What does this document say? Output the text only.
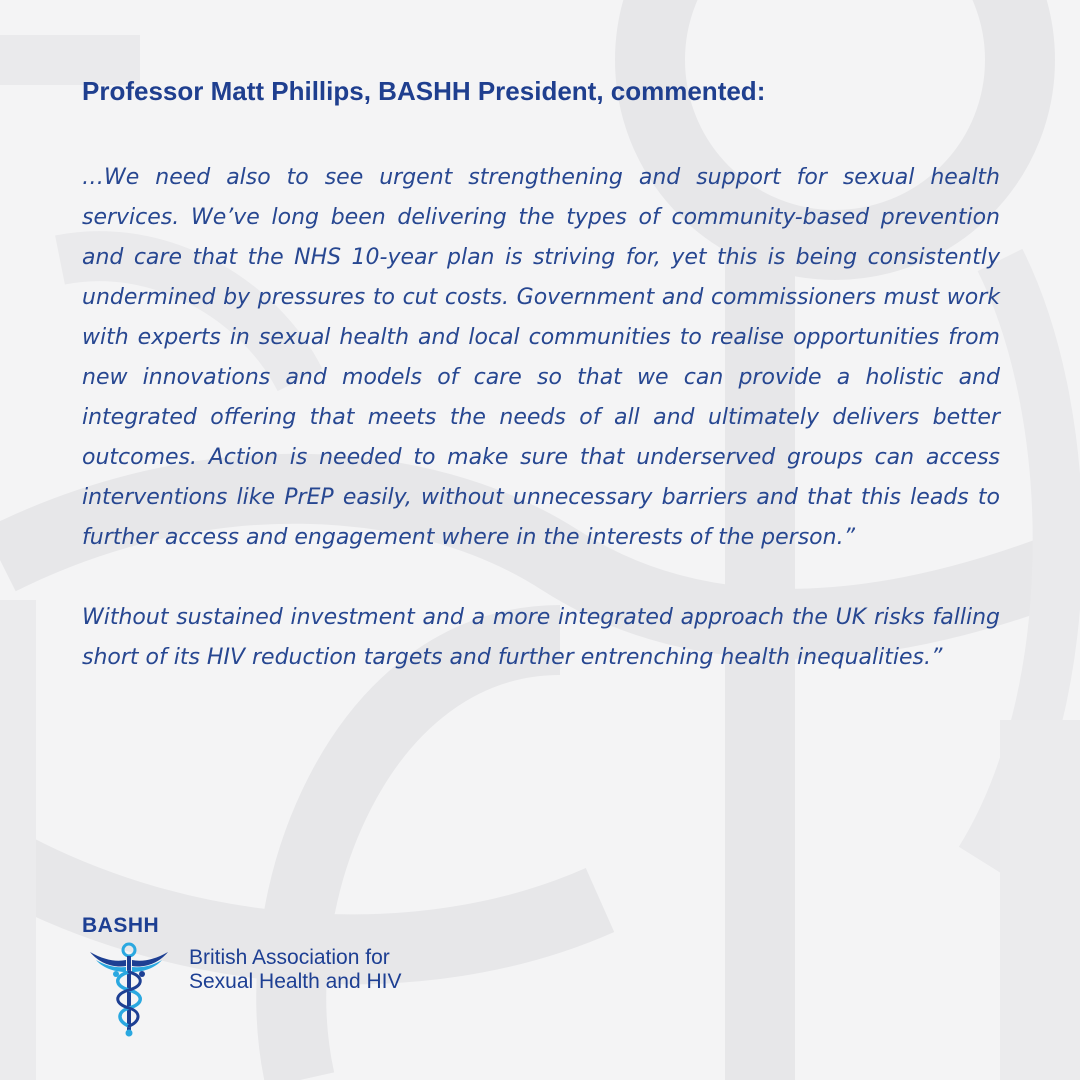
Professor Matt Phillips, BASHH President, commented:

…We need also to see urgent strengthening and support for sexual health services. We’ve long been delivering the types of community-based prevention and care that the NHS 10-year plan is striving for, yet this is being consistently undermined by pressures to cut costs. Government and commissioners must work with experts in sexual health and local communities to realise opportunities from new innovations and models of care so that we can provide a holistic and integrated offering that meets the needs of all and ultimately delivers better outcomes. Action is needed to make sure that underserved groups can access interventions like PrEP easily, without unnecessary barriers and that this leads to further access and engagement where in the interests of the person.”

Without sustained investment and a more integrated approach the UK risks falling short of its HIV reduction targets and further entrenching health inequalities.”

BASHH
British Association for
Sexual Health and HIV
